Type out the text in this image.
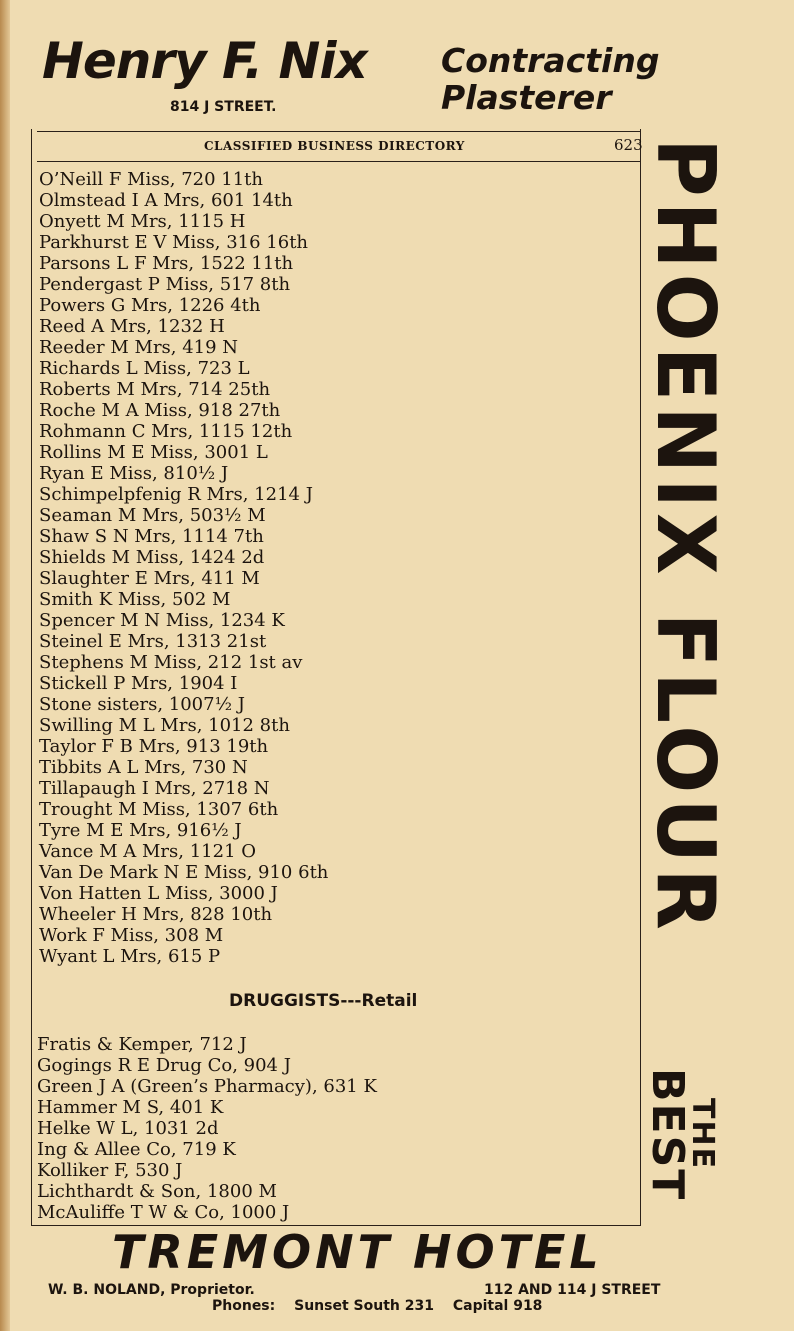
Henry F. Nix
814 J STREET.
Contracting
Plasterer
CLASSIFIED BUSINESS DIRECTORY	623
O’Neill F Miss, 720 11th
Olmstead I A Mrs, 601 14th
Onyett M Mrs, 1115 H
Parkhurst E V Miss, 316 16th
Parsons L F Mrs, 1522 11th
Pendergast P Miss, 517 8th
Powers G Mrs, 1226 4th
Reed A Mrs, 1232 H
Reeder M Mrs, 419 N
Richards L Miss, 723 L
Roberts M Mrs, 714 25th
Roche M A Miss, 918 27th
Rohmann C Mrs, 1115 12th
Rollins M E Miss, 3001 L
Ryan E Miss, 810½ J
Schimpelpfenig R Mrs, 1214 J
Seaman M Mrs, 503½ M
Shaw S N Mrs, 1114 7th
Shields M Miss, 1424 2d
Slaughter E Mrs, 411 M
Smith K Miss, 502 M
Spencer M N Miss, 1234 K
Steinel E Mrs, 1313 21st
Stephens M Miss, 212 1st av
Stickell P Mrs, 1904 I
Stone sisters, 1007½ J
Swilling M L Mrs, 1012 8th
Taylor F B Mrs, 913 19th
Tibbits A L Mrs, 730 N
Tillapaugh I Mrs, 2718 N
Trought M Miss, 1307 6th
Tyre M E Mrs, 916½ J
Vance M A Mrs, 1121 O
Van De Mark N E Miss, 910 6th
Von Hatten L Miss, 3000 J
Wheeler H Mrs, 828 10th
Work F Miss, 308 M
Wyant L Mrs, 615 P
DRUGGISTS---Retail
Fratis & Kemper, 712 J
Gogings R E Drug Co, 904 J
Green J A (Green’s Pharmacy), 631 K
Hammer M S, 401 K
Helke W L, 1031 2d
Ing & Allee Co, 719 K
Kolliker F, 530 J
Lichthardt & Son, 1800 M
McAuliffe T W & Co, 1000 J
PHOENIX FLOUR
THE
BEST
TREMONT HOTEL
W. B. NOLAND, Proprietor.	112 AND 114 J STREET
Phones: Sunset South 231 Capital 918
